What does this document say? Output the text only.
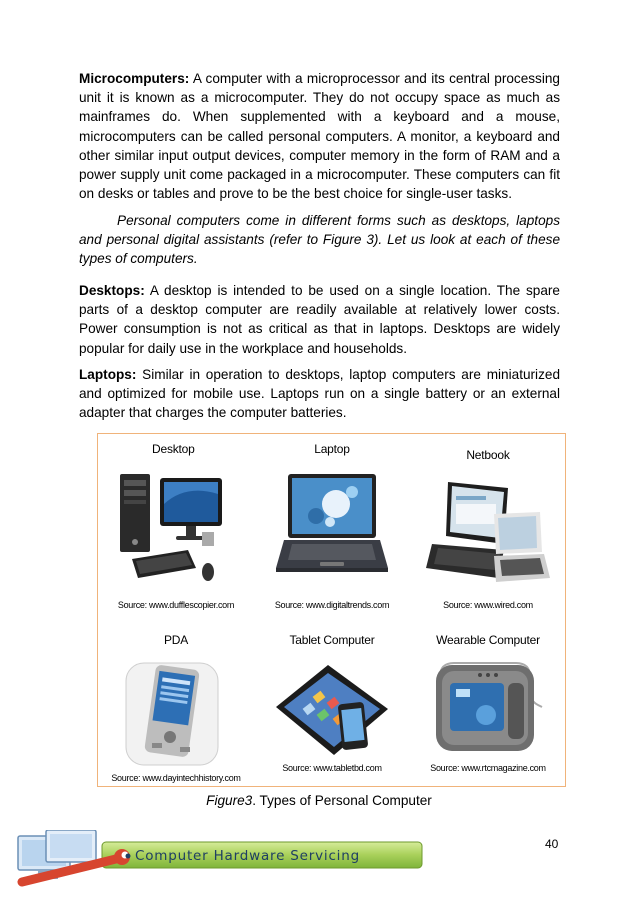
Microcomputers: A computer with a microprocessor and its central processing unit it is known as a microcomputer. They do not occupy space as much as mainframes do. When supplemented with a keyboard and a mouse, microcomputers can be called personal computers. A monitor, a keyboard and other similar input output devices, computer memory in the form of RAM and a power supply unit come packaged in a microcomputer. These computers can fit on desks or tables and prove to be the best choice for single-user tasks.
Personal computers come in different forms such as desktops, laptops and personal digital assistants (refer to Figure 3). Let us look at each of these types of computers.
Desktops: A desktop is intended to be used on a single location. The spare parts of a desktop computer are readily available at relatively lower costs. Power consumption is not as critical as that in laptops. Desktops are widely popular for daily use in the workplace and households.
Laptops: Similar in operation to desktops, laptop computers are miniaturized and optimized for mobile use. Laptops run on a single battery or an external adapter that charges the computer batteries.
Desktop
Source: www.dufflescopier.com
Laptop
Source: www.digitaltrends.com
Netbook
Source: www.wired.com
PDA
Source: www.dayintechhistory.com
Tablet Computer
Source: www.tabletbd.com
Wearable Computer
Source: www.rtcmagazine.com
Figure3. Types of Personal Computer
40
Computer Hardware Servicing
